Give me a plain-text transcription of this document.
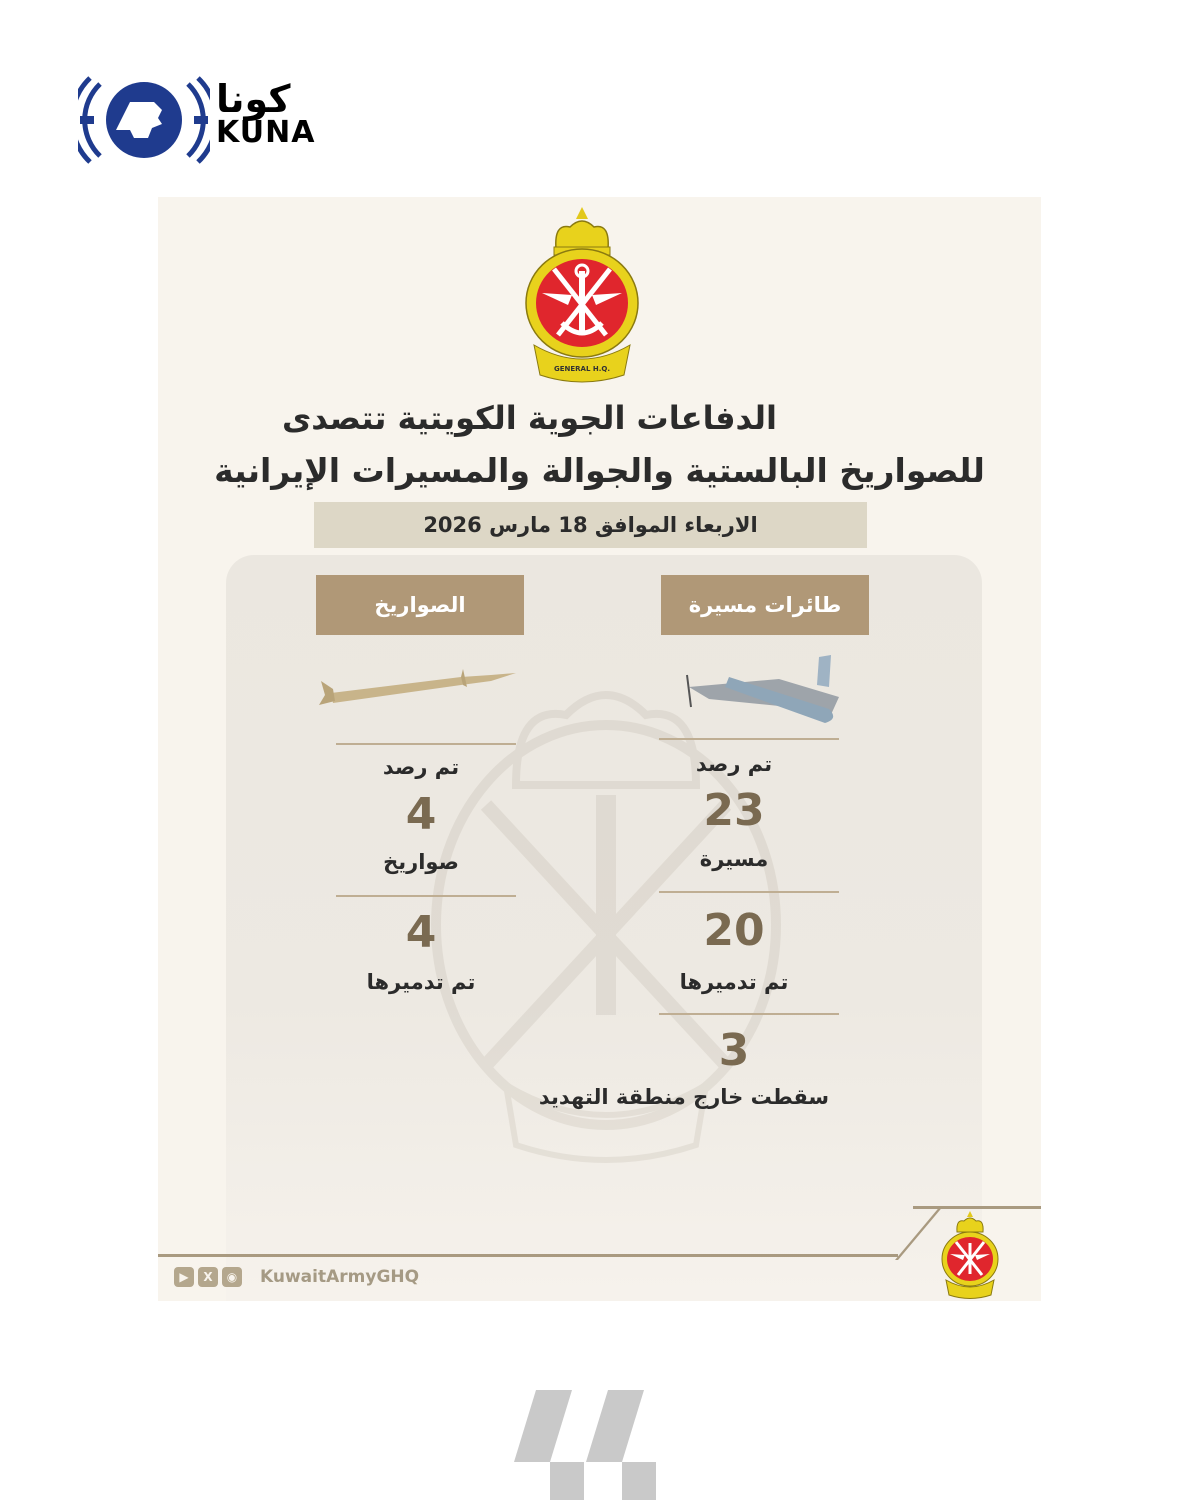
كونا
KUNA
GENERAL H.Q.
الدفاعات الجوية الكويتية تتصدى
للصواريخ البالستية والجوالة والمسيرات الإيرانية
الاربعاء الموافق 18 مارس 2026
طائرات مسيرة
تم رصد
23
مسيرة
20
تم تدميرها
3
سقطت خارج منطقة التهديد
الصواريخ
تم رصد
4
صواريخ
4
تم تدميرها
▶	X	◉ KuwaitArmyGHQ
